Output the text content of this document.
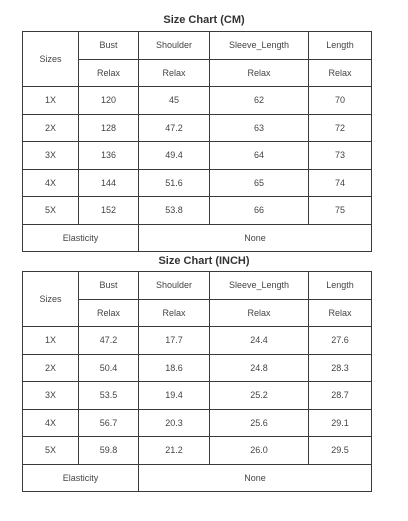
Size Chart (CM)
Sizes	Bust	Shoulder	Sleeve_Length	Length
	Relax	Relax	Relax	Relax
1X	120	45	62	70
2X	128	47.2	63	72
3X	136	49.4	64	73
4X	144	51.6	65	74
5X	152	53.8	66	75
Elasticity		None		
Size Chart (INCH)
Sizes	Bust	Shoulder	Sleeve_Length	Length
	Relax	Relax	Relax	Relax
1X	47.2	17.7	24.4	27.6
2X	50.4	18.6	24.8	28.3
3X	53.5	19.4	25.2	28.7
4X	56.7	20.3	25.6	29.1
5X	59.8	21.2	26.0	29.5
Elasticity		None		
